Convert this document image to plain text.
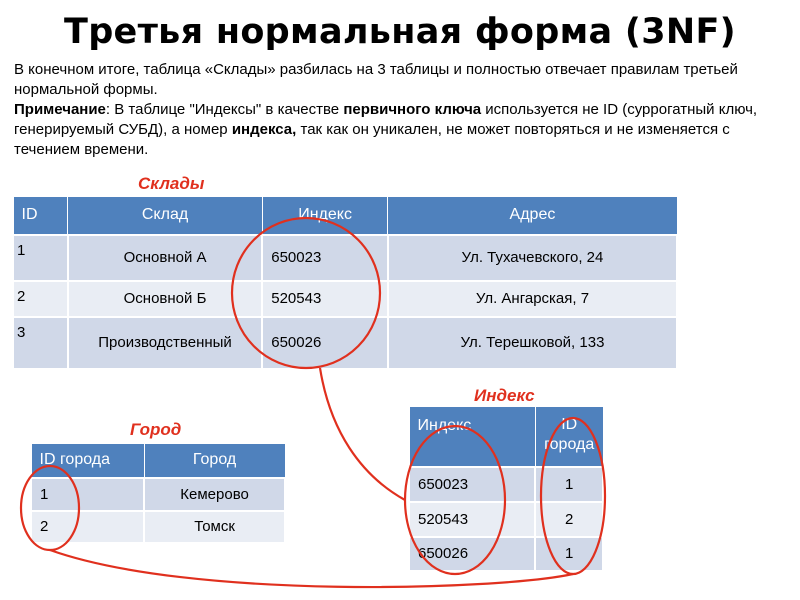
Третья нормальная форма (3NF)

В конечном итоге, таблица «Склады» разбилась на 3 таблицы и полностью отвечает правилам третьей нормальной формы.

Примечание: В таблице "Индексы" в качестве первичного ключа используется не ID (суррогатный ключ, генерируемый СУБД), а номер индекса, так как он уникален, не может повторяться и не изменяется с течением времени.

Склады
ID	Склад	Индекс	Адрес
1	Основной А	650023	Ул. Тухачевского, 24
2	Основной Б	520543	Ул. Ангарская, 7
3	Производственный	650026	Ул. Терешковой, 133
Город
ID города	Город
1	Кемерово
2	Томск
Индекс
Индекс	ID города
650023	1
520543	2
650026	1
